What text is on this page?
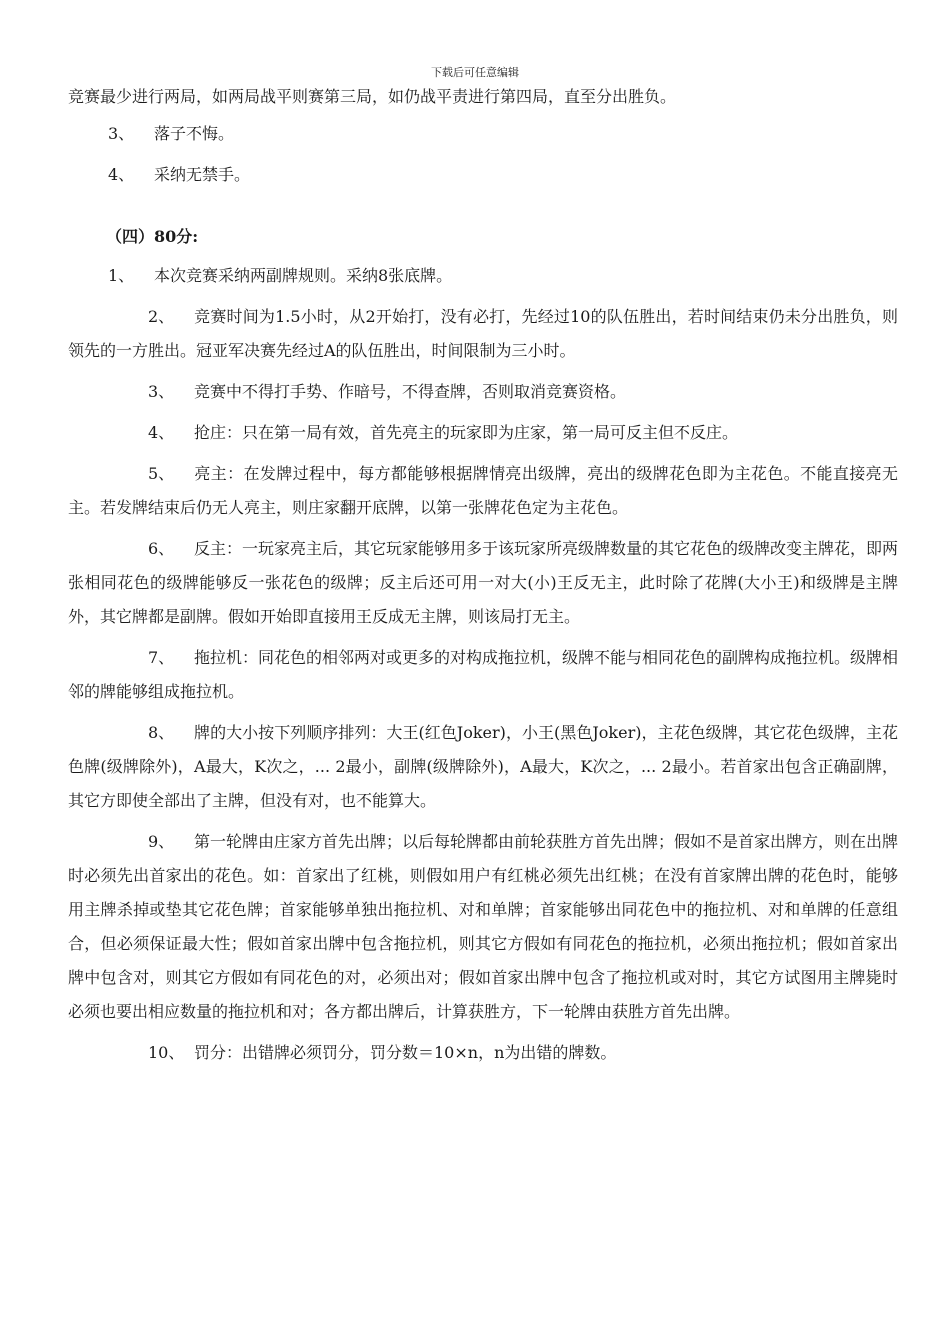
下载后可任意编辑

竞赛最少进行两局，如两局战平则赛第三局，如仍战平责进行第四局，直至分出胜负。

3、 落子不悔。

4、 采纳无禁手。

（四）80分:

1、 本次竞赛采纳两副牌规则。采纳8张底牌。

2、 竞赛时间为1.5小时，从2开始打，没有必打，先经过10的队伍胜出，若时间结束仍未分出胜负，则领先的一方胜出。冠亚军决赛先经过A的队伍胜出，时间限制为三小时。

3、 竞赛中不得打手势、作暗号，不得查牌，否则取消竞赛资格。

4、 抢庄：只在第一局有效，首先亮主的玩家即为庄家，第一局可反主但不反庄。

5、 亮主：在发牌过程中，每方都能够根据牌情亮出级牌，亮出的级牌花色即为主花色。不能直接亮无主。若发牌结束后仍无人亮主，则庄家翻开底牌，以第一张牌花色定为主花色。

6、 反主：一玩家亮主后，其它玩家能够用多于该玩家所亮级牌数量的其它花色的级牌改变主牌花，即两张相同花色的级牌能够反一张花色的级牌；反主后还可用一对大(小)王反无主，此时除了花牌(大小王)和级牌是主牌外，其它牌都是副牌。假如开始即直接用王反成无主牌，则该局打无主。

7、 拖拉机：同花色的相邻两对或更多的对构成拖拉机，级牌不能与相同花色的副牌构成拖拉机。级牌相邻的牌能够组成拖拉机。

8、 牌的大小按下列顺序排列：大王(红色Joker)，小王(黑色Joker)，主花色级牌，其它花色级牌，主花色牌(级牌除外)，A最大，K次之，... 2最小，副牌(级牌除外)，A最大，K次之，... 2最小。若首家出包含正确副牌，其它方即使全部出了主牌，但没有对，也不能算大。

9、 第一轮牌由庄家方首先出牌；以后每轮牌都由前轮获胜方首先出牌；假如不是首家出牌方，则在出牌时必须先出首家出的花色。如：首家出了红桃，则假如用户有红桃必须先出红桃；在没有首家牌出牌的花色时，能够用主牌杀掉或垫其它花色牌；首家能够单独出拖拉机、对和单牌；首家能够出同花色中的拖拉机、对和单牌的任意组合，但必须保证最大性；假如首家出牌中包含拖拉机，则其它方假如有同花色的拖拉机，必须出拖拉机；假如首家出牌中包含对，则其它方假如有同花色的对，必须出对；假如首家出牌中包含了拖拉机或对时，其它方试图用主牌毙时必须也要出相应数量的拖拉机和对；各方都出牌后，计算获胜方，下一轮牌由获胜方首先出牌。

10、 罚分：出错牌必须罚分，罚分数＝10×n，n为出错的牌数。
